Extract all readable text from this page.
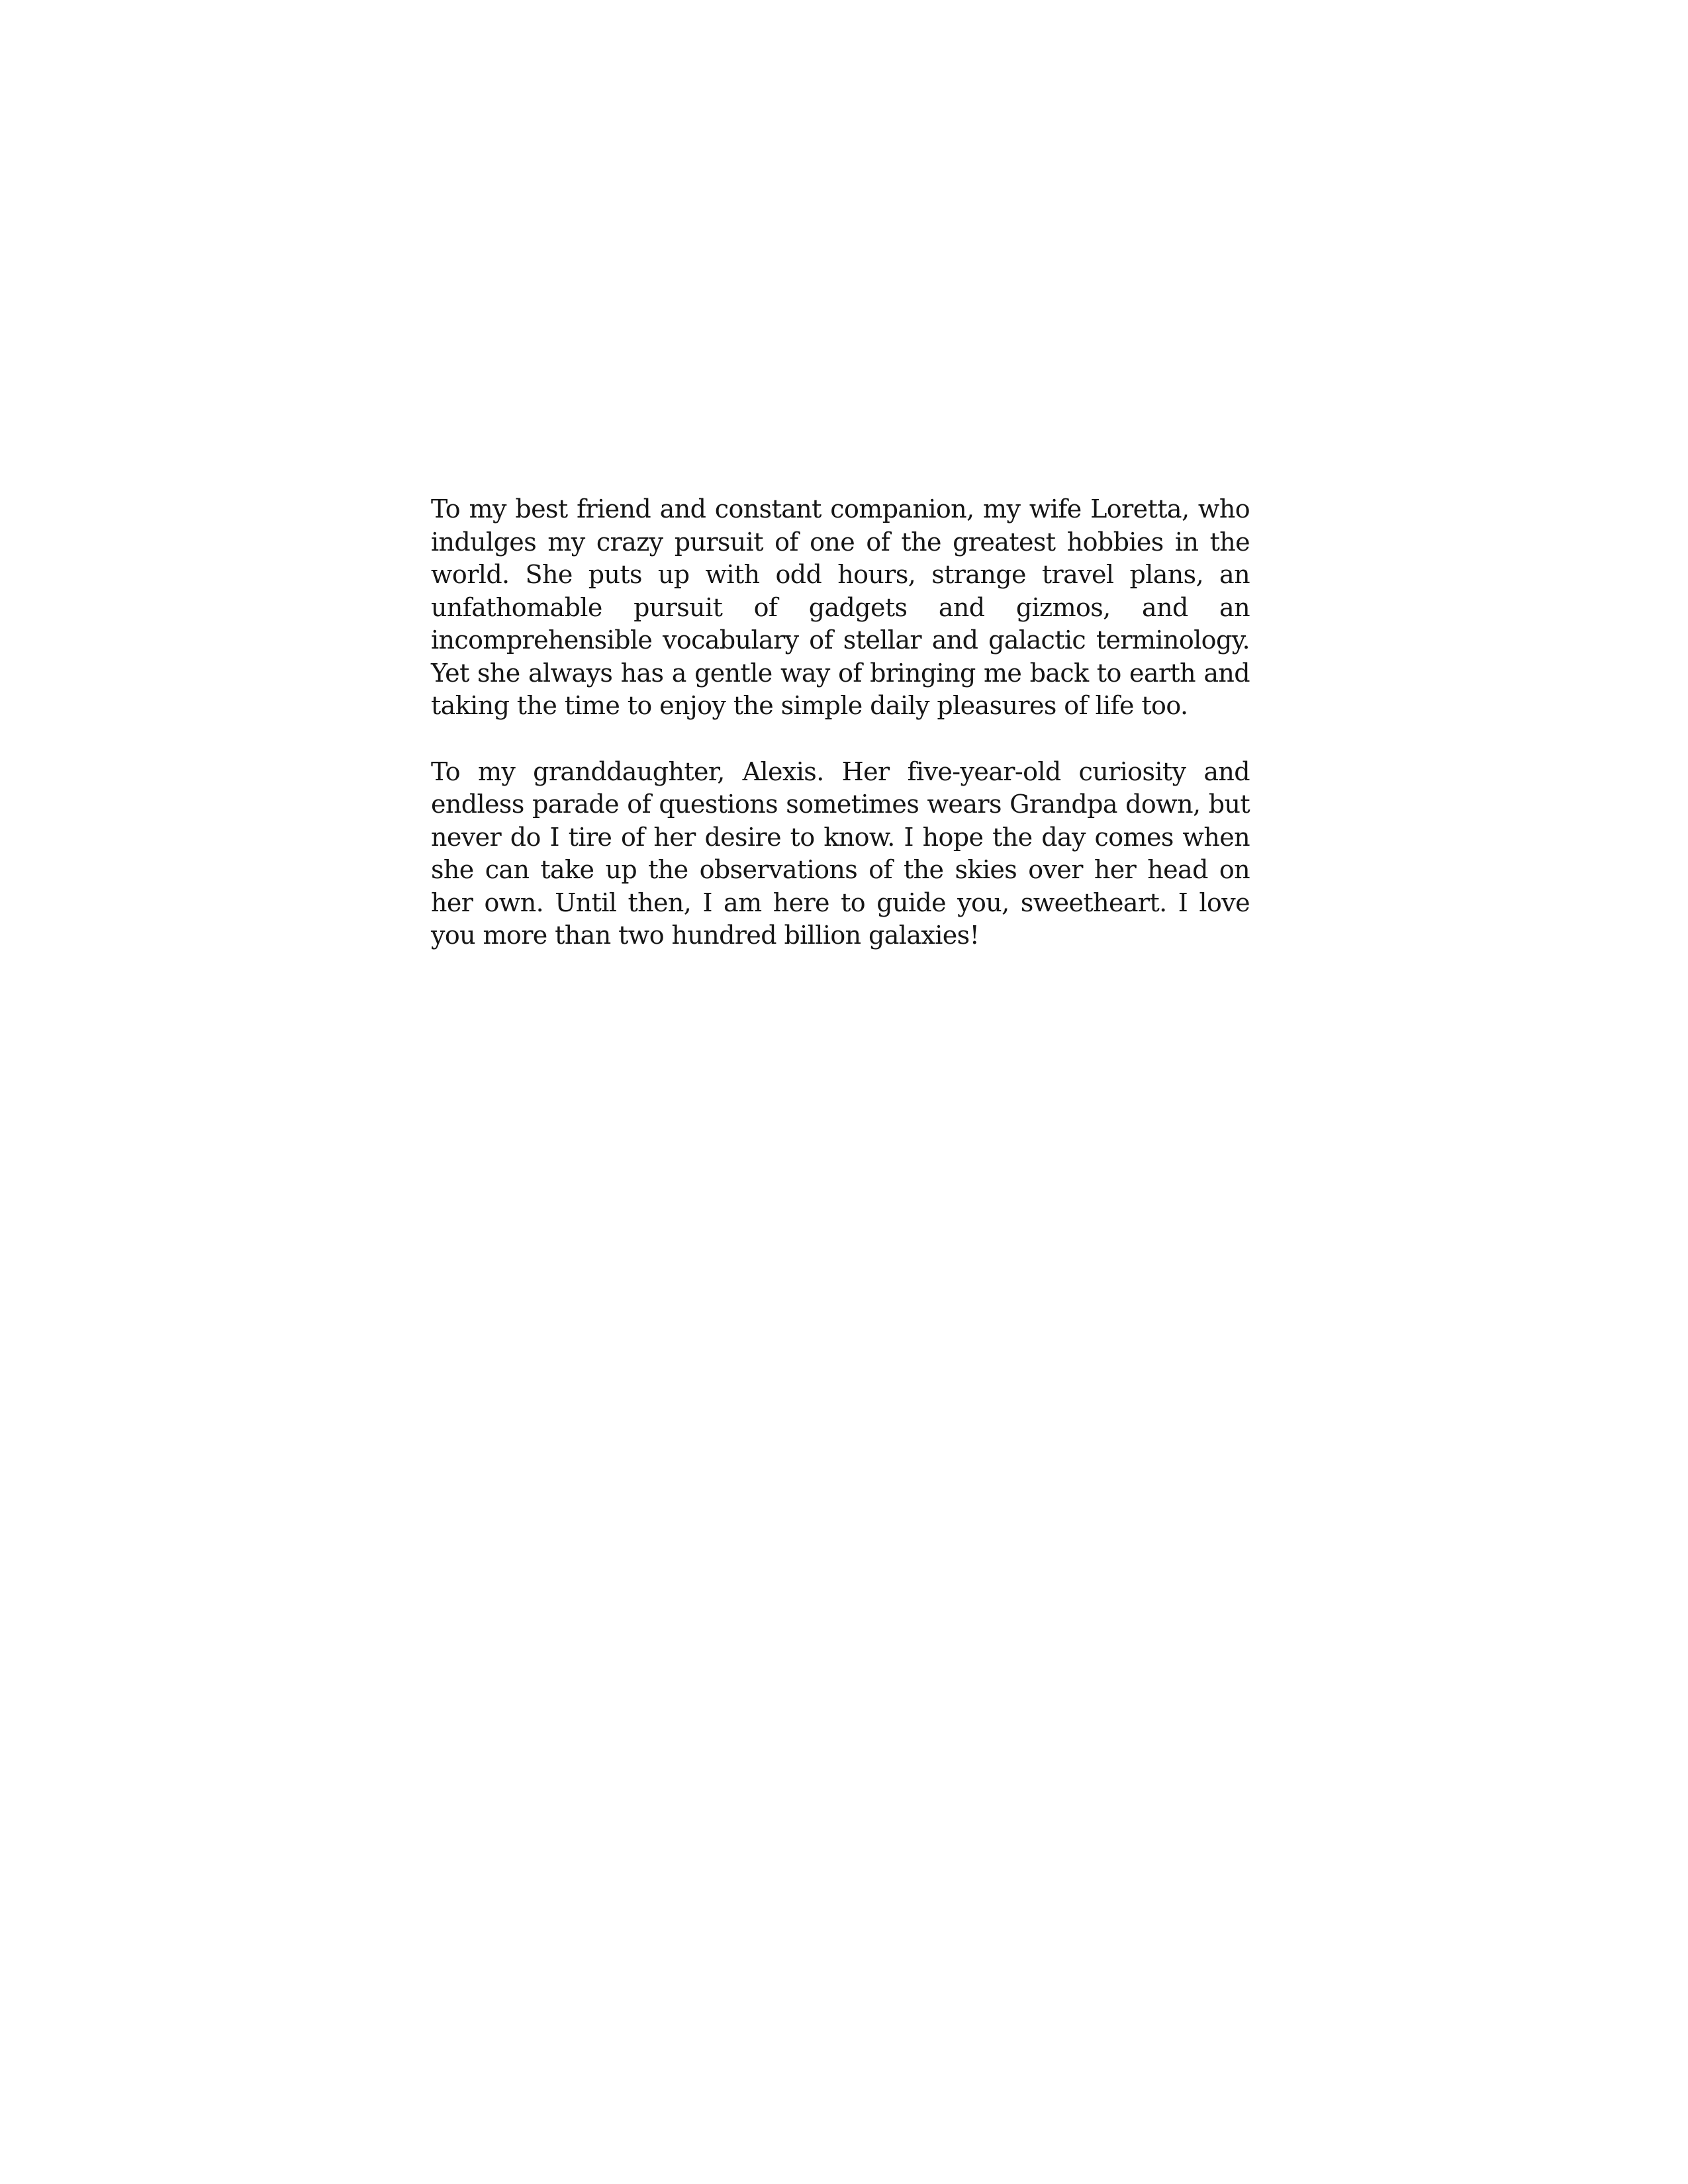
To my best friend and constant companion, my wife Loretta, who indulges my crazy pursuit of one of the greatest hobbies in the world. She puts up with odd hours, strange travel plans, an unfathomable pursuit of gadgets and gizmos, and an incomprehensible vocabulary of stellar and galactic terminology. Yet she always has a gentle way of bringing me back to earth and taking the time to enjoy the simple daily pleasures of life too.

To my granddaughter, Alexis. Her five-year-old curiosity and endless parade of questions sometimes wears Grandpa down, but never do I tire of her desire to know. I hope the day comes when she can take up the observations of the skies over her head on her own. Until then, I am here to guide you, sweetheart. I love you more than two hundred billion galaxies!
